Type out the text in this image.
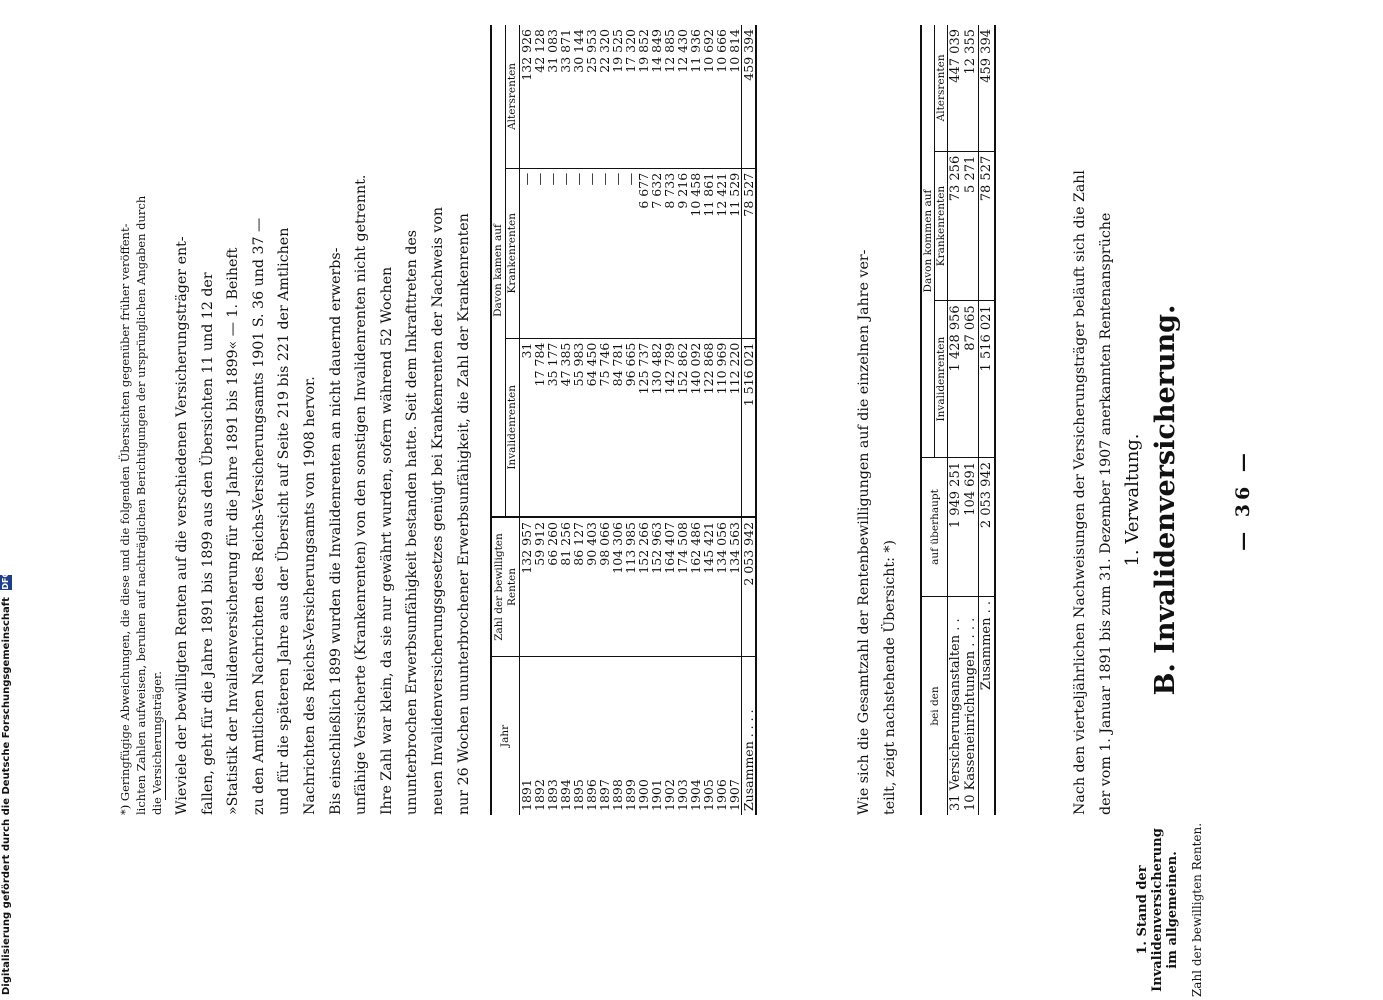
— 36 —
B. Invalidenversicherung.
1. Verwaltung.
1. Stand der Invalidenversicherung im allgemeinen. Zahl der bewilligten Renten.
Nach den vierteljährlichen Nachweisungen der Versicherungsträger beläuft sich die Zahl der vom 1. Januar 1891 bis zum 31. Dezember 1907 anerkannten Rentenansprüche
bei den	auf überhaupt	Davon kommen auf		
		Invalidenrenten	Krankenrenten	Altersrenten
31 Versicherungsanstalten . .	1 949 251	1 428 956	73 256	447 039
10 Kasseneinrichtungen . . . .	104 691	87 065	5 271	12 355
Zusammen . .	2 053 942	1 516 021	78 527	459 394
Wie sich die Gesamtzahl der Rentenbewilligungen auf die einzelnen Jahre ver- teilt, zeigt nachstehende Übersicht: *)
Jahr	Zahl der bewilligten Renten	Davon kamen auf		
		Invalidenrenten	Krankenrenten	Altersrenten
1891	132 957	31	—	132 926
1892	59 912	17 784	—	42 128
1893	66 260	35 177	—	31 083
1894	81 256	47 385	—	33 871
1895	86 127	55 983	—	30 144
1896	90 403	64 450	—	25 953
1897	98 066	75 746	—	22 320
1898	104 306	84 781	—	19 525
1899	113 985	96 665	—	17 320
1900	152 266	125 737	6 677	19 852
1901	152 963	130 482	7 632	14 849
1902	164 407	142 789	8 733	12 885
1903	174 508	152 862	9 216	12 430
1904	162 486	140 092	10 458	11 936
1905	145 421	122 868	11 861	10 692
1906	134 056	110 969	12 421	10 666
1907	134 563	112 220	11 529	10 814
Zusammen . . . .	2 053 942	1 516 021	78 527	459 394
Wieviele der bewilligten Renten auf die verschiedenen Versicherungsträger ent- fallen, geht für die Jahre 1891 bis 1899 aus den Übersichten 11 und 12 der »Statistik der Invalidenversicherung für die Jahre 1891 bis 1899« — 1. Beiheft zu den Amtlichen Nachrichten des Reichs-Versicherungsamts 1901 S. 36 und 37 — und für die späteren Jahre aus der Übersicht auf Seite 219 bis 221 der Amtlichen Nachrichten des Reichs-Versicherungsamts von 1908 hervor. Bis einschließlich 1899 wurden die Invalidenrenten an nicht dauernd erwerbs- unfähige Versicherte (Krankenrenten) von den sonstigen Invalidenrenten nicht getrennt. Ihre Zahl war klein, da sie nur gewährt wurden, sofern während 52 Wochen ununterbrochen Erwerbsunfähigkeit bestanden hatte. Seit dem Inkrafttreten des neuen Invalidenversicherungsgesetzes genügt bei Krankenrenten der Nachweis von nur 26 Wochen ununterbrochener Erwerbsunfähigkeit, die Zahl der Krankenrenten
*) Geringfügige Abweichungen, die diese und die folgenden Übersichten gegenüber früher veröffent- lichten Zahlen aufweisen, beruhen auf nachträglichen Berichtigungen der ursprünglichen Angaben durch die Versicherungsträger.
Digitalisierung gefördert durch die Deutsche Forschungsgemeinschaft DFG
